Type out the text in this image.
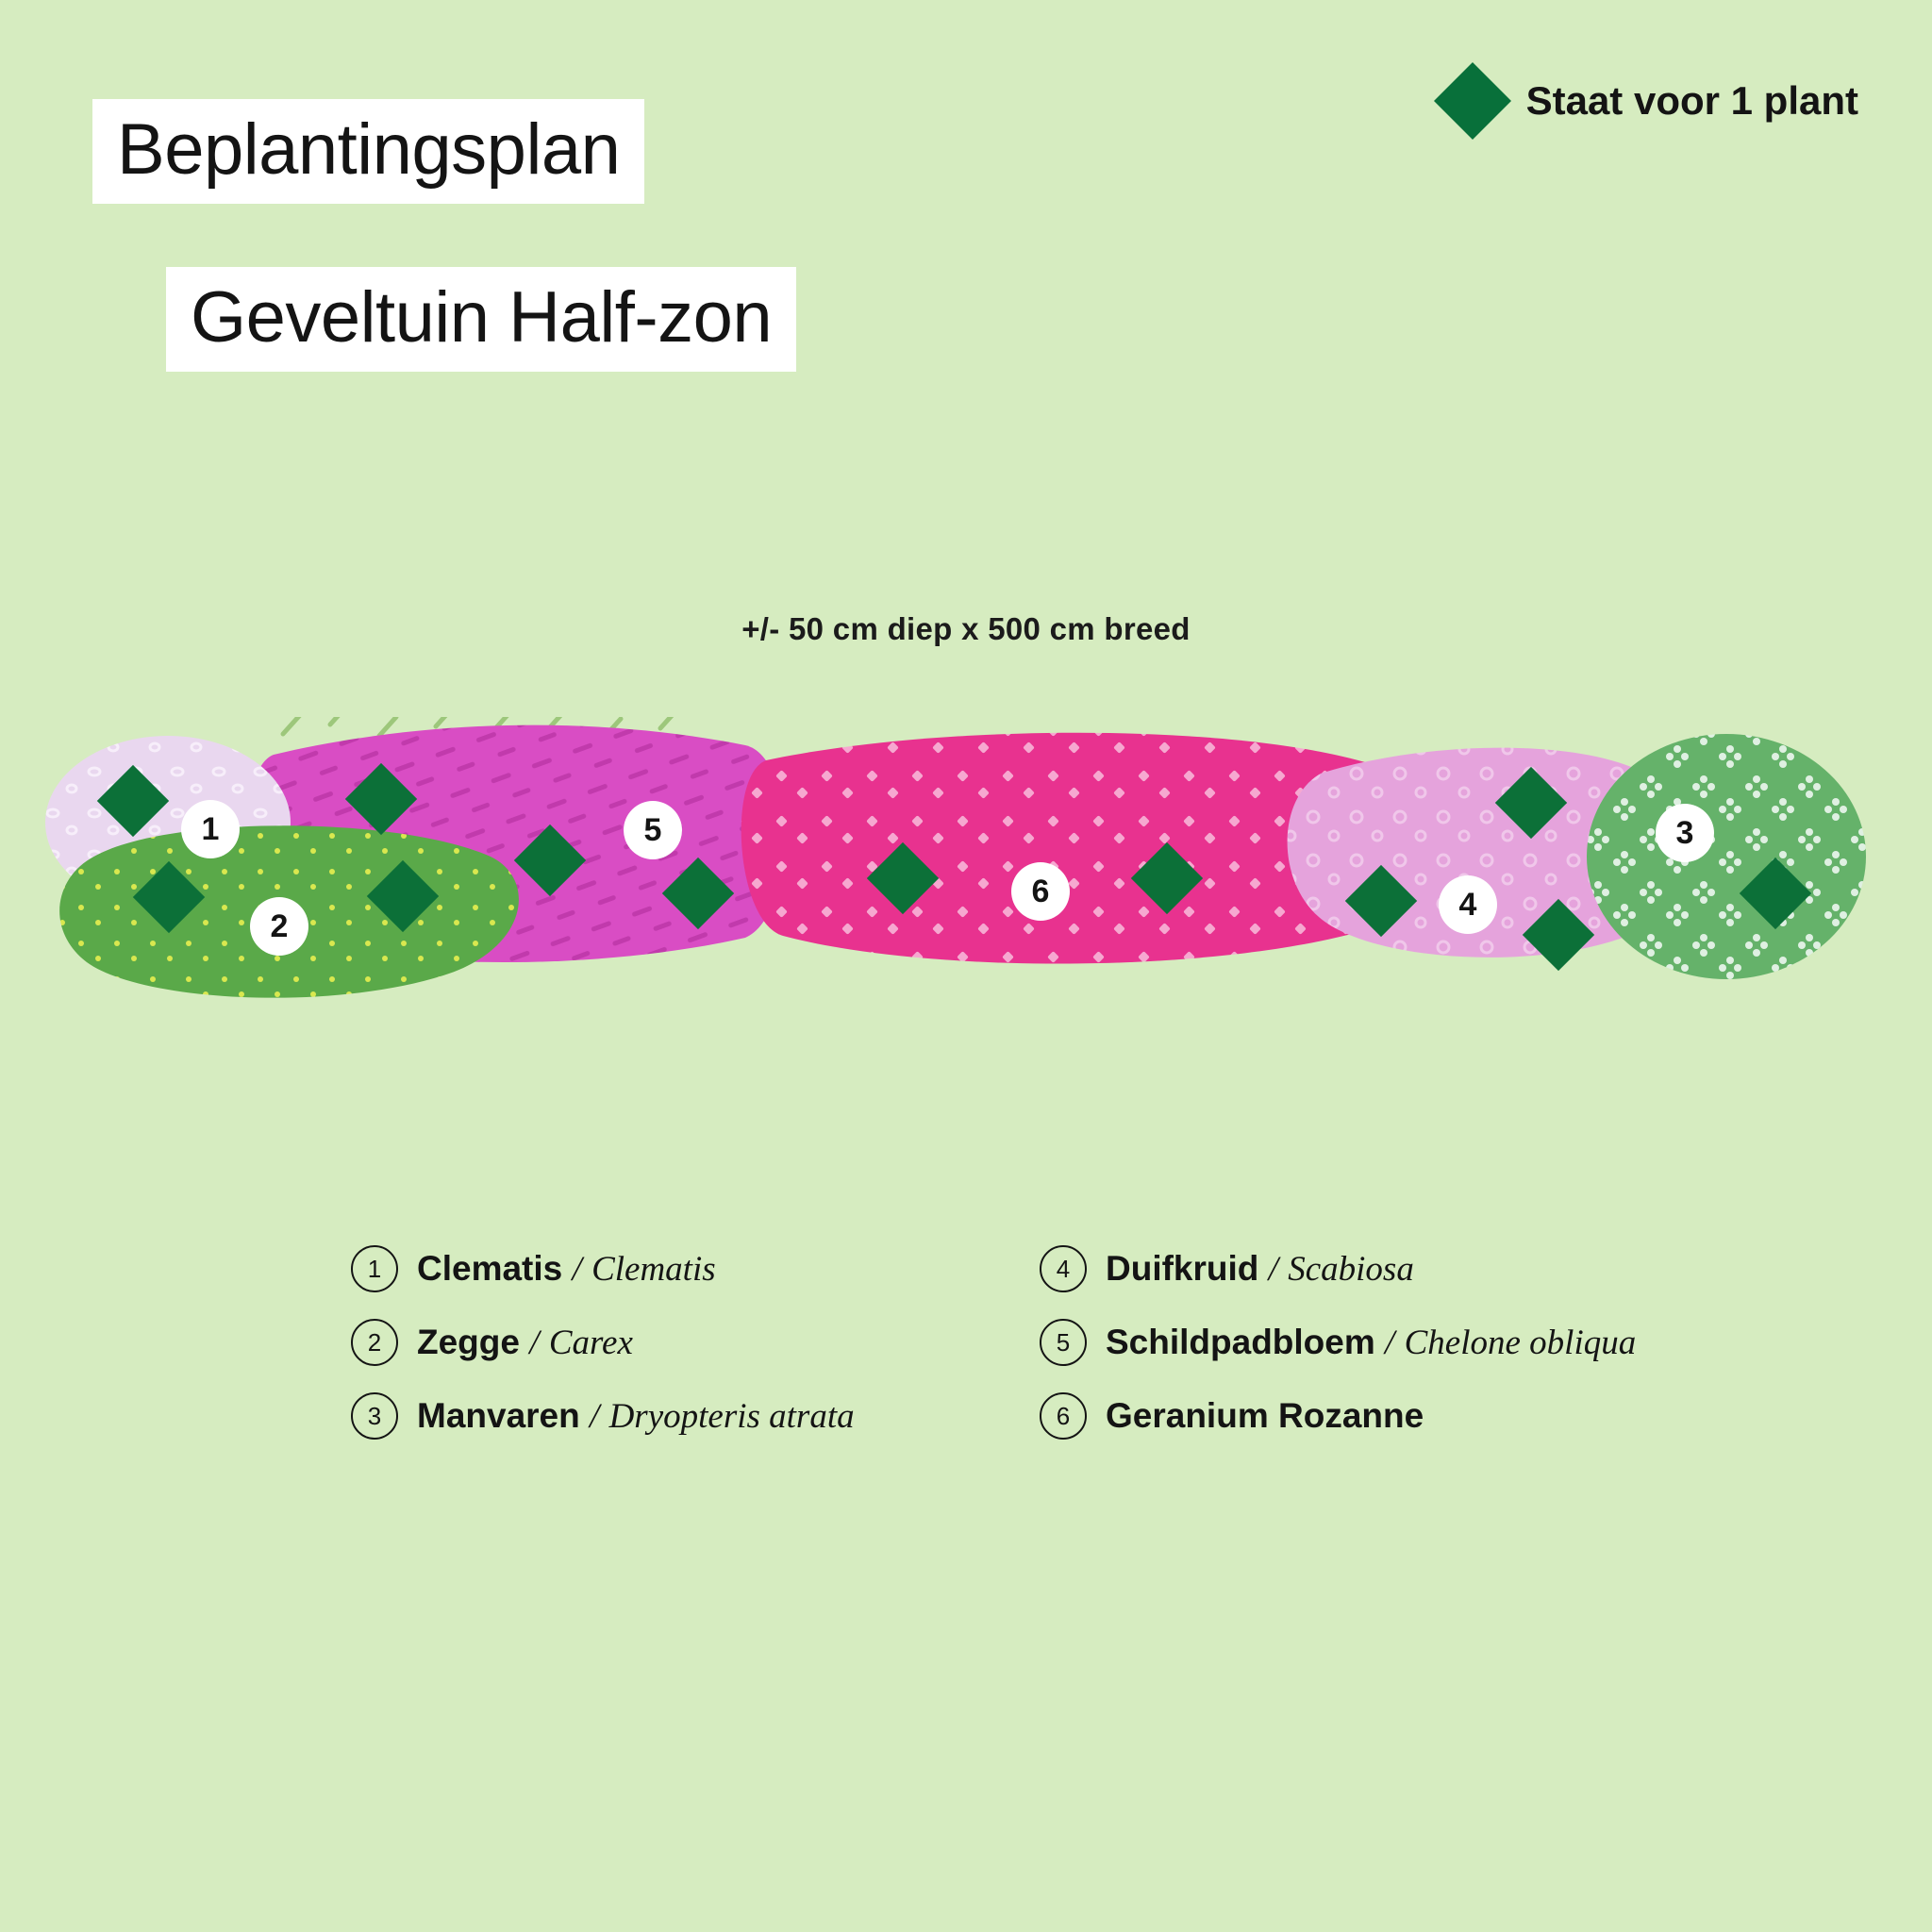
Beplantingsplan
Geveltuin Half-zon
Staat voor 1 plant
+/- 50 cm diep x 500 cm breed
1
2
5
6	4
3
1	Clematis / Clematis	4	Duifkruid / Scabiosa
2	Zegge / Carex	5	Schildpadbloem / Chelone obliqua
3	Manvaren / Dryopteris atrata	6	Geranium Rozanne
